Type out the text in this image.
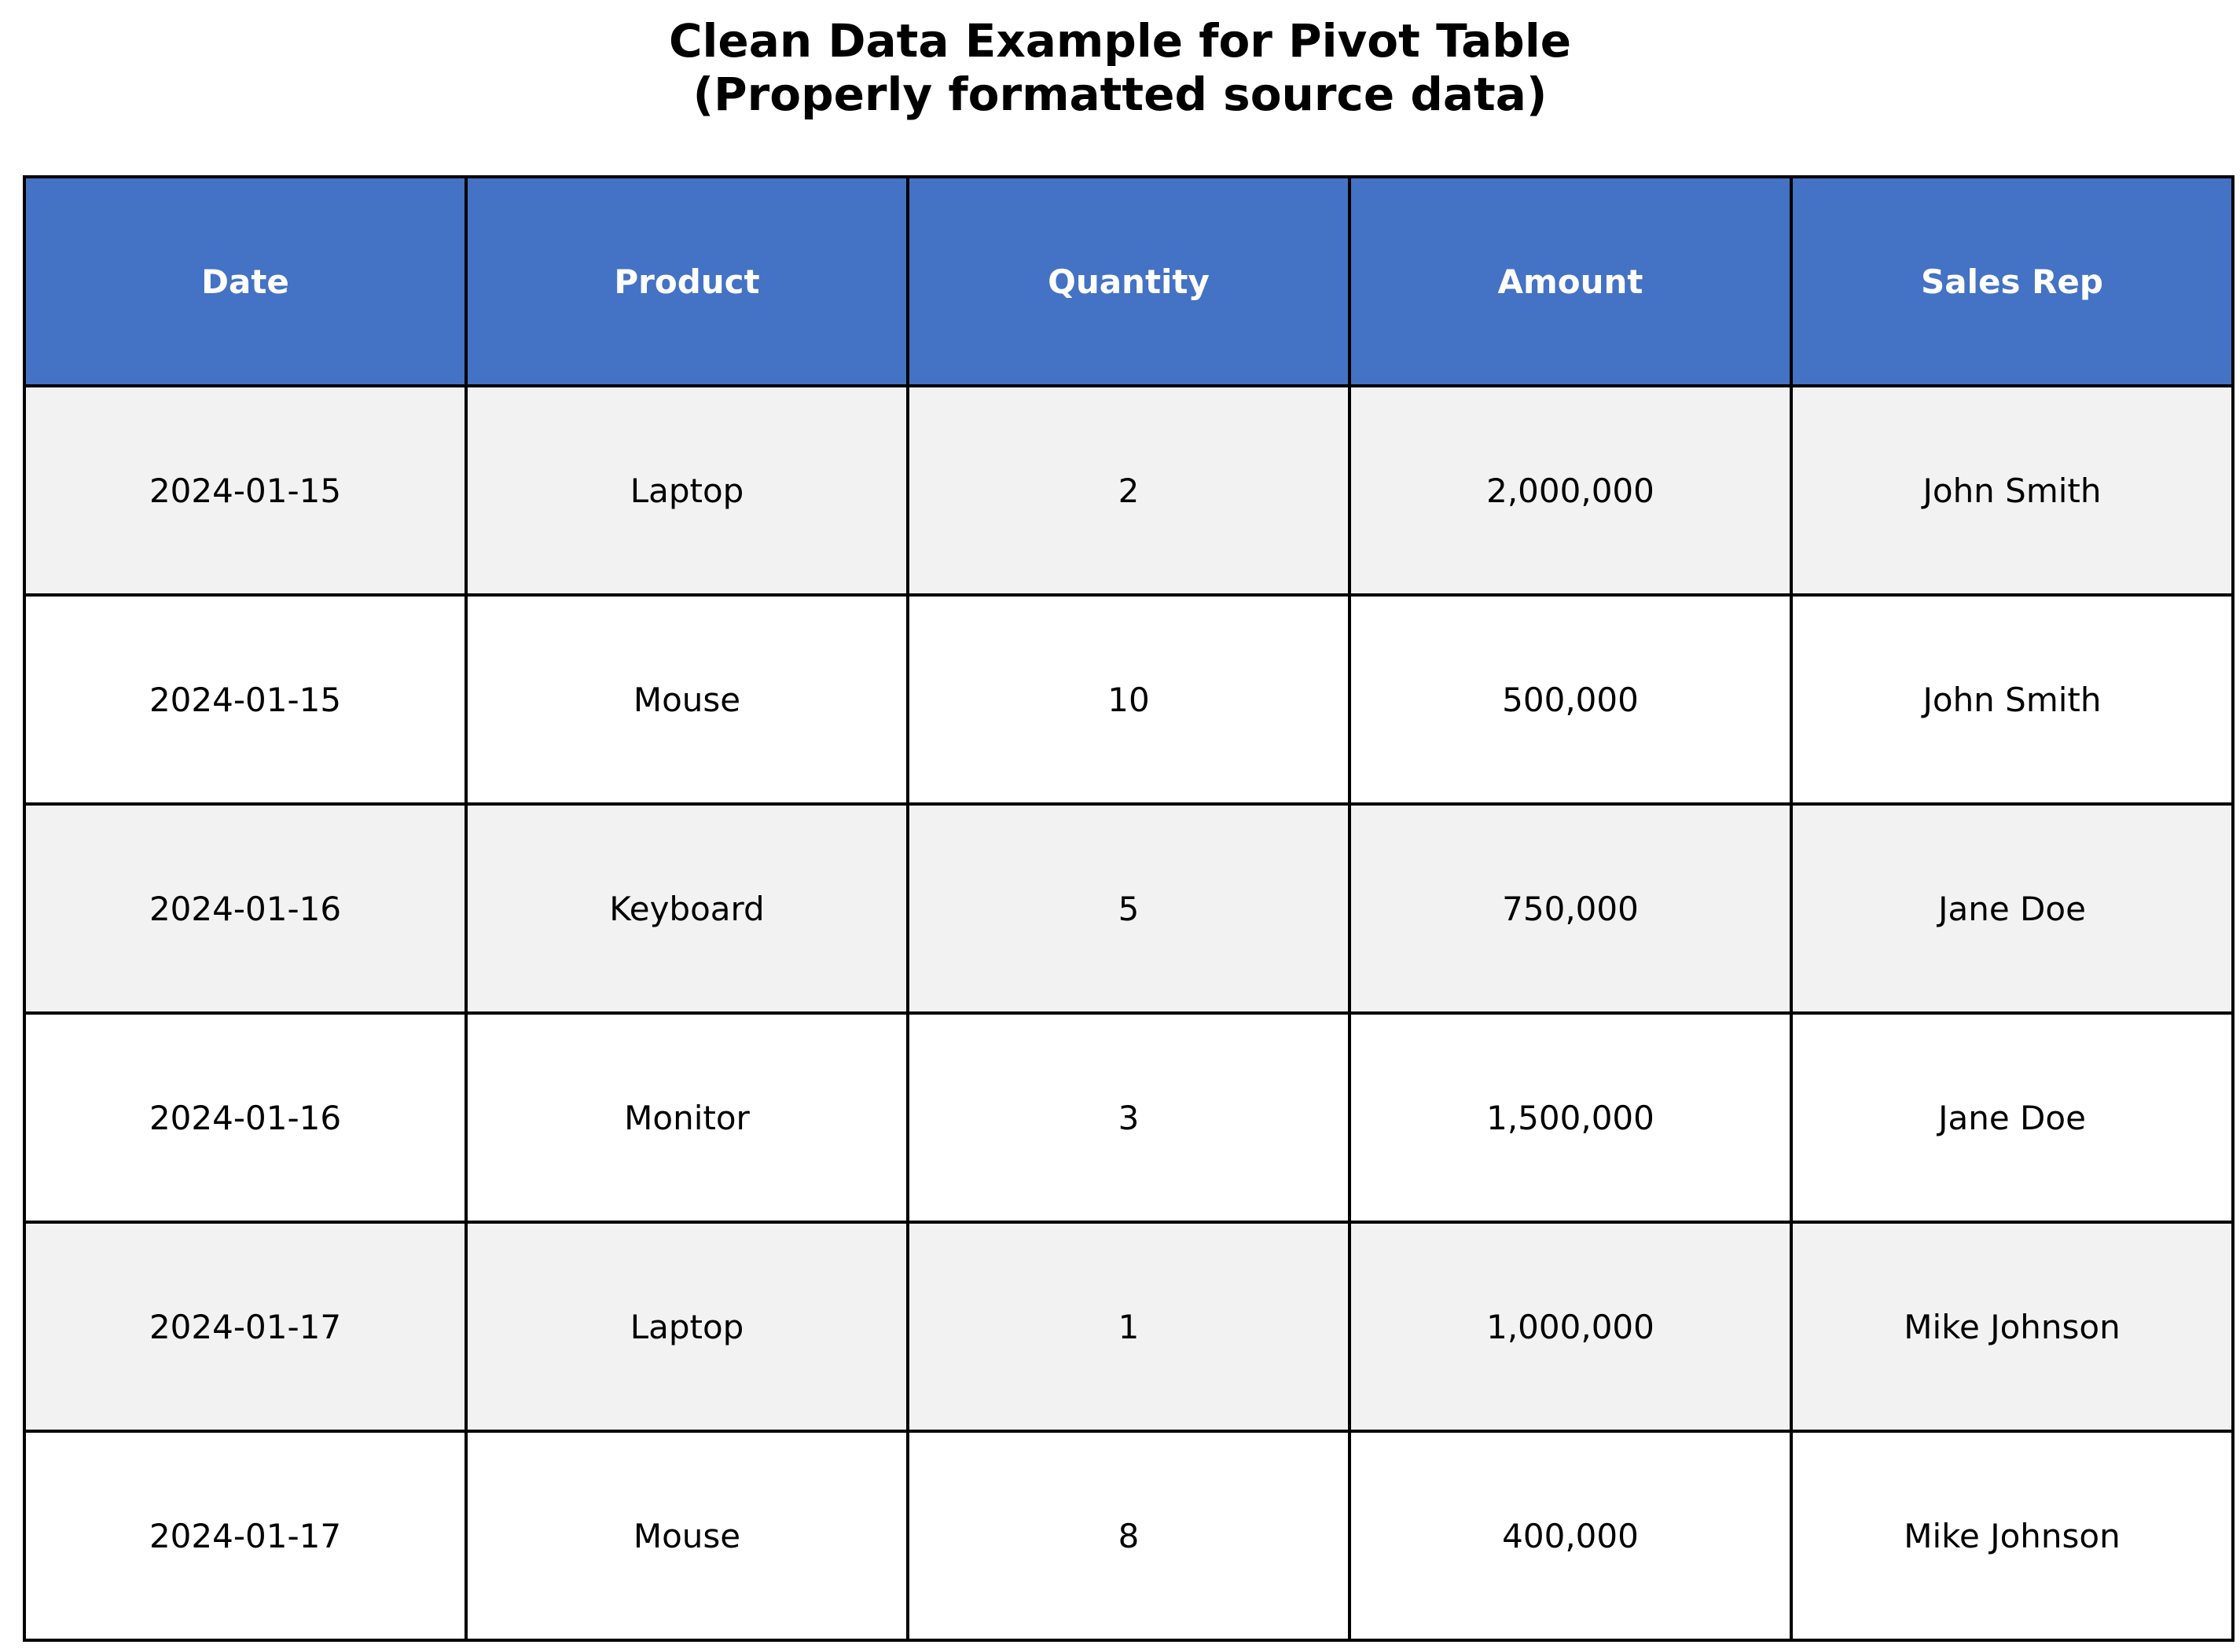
Clean Data Example for Pivot Table
(Properly formatted source data)
Date	Product	Quantity	Amount	Sales Rep
2024-01-15	Laptop	2	2,000,000	John Smith
2024-01-15	Mouse	10	500,000	John Smith
2024-01-16	Keyboard	5	750,000	Jane Doe
2024-01-16	Monitor	3	1,500,000	Jane Doe
2024-01-17	Laptop	1	1,000,000	Mike Johnson
2024-01-17	Mouse	8	400,000	Mike Johnson
